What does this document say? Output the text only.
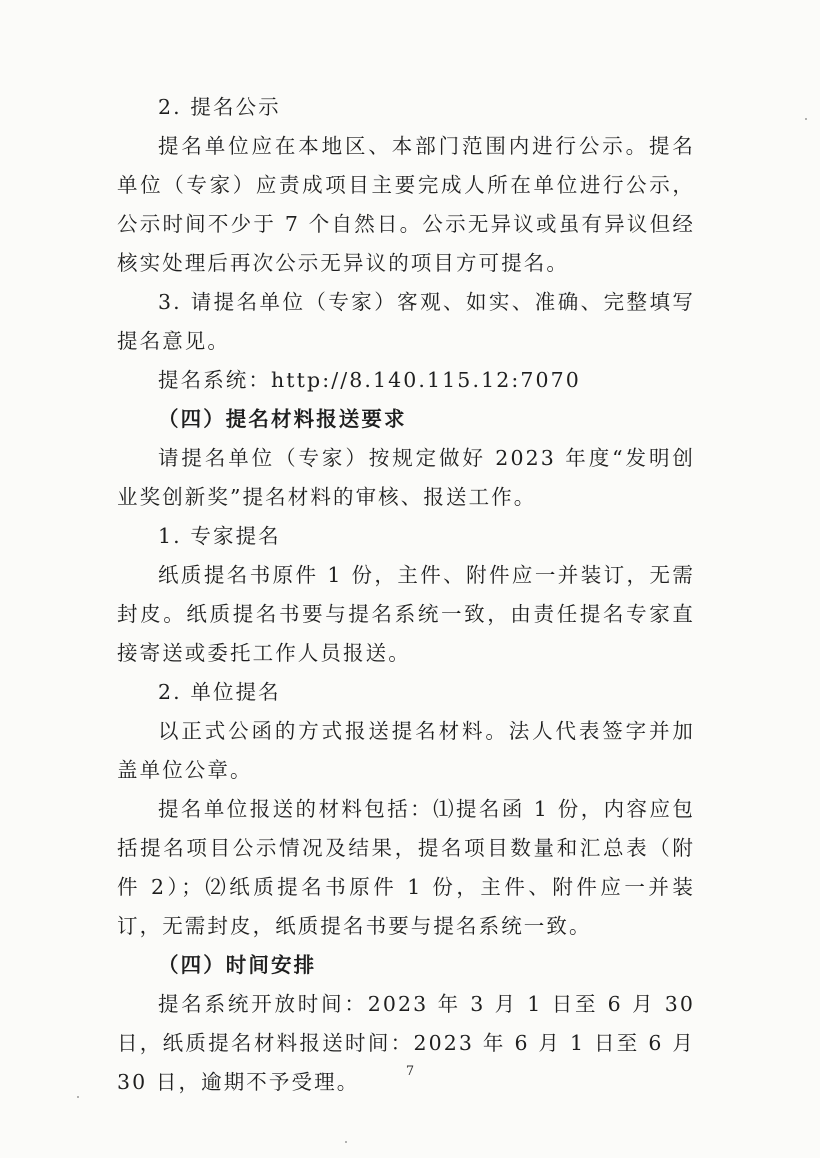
2. 提名公示

提名单位应在本地区、本部门范围内进行公示。提名单位（专家）应责成项目主要完成人所在单位进行公示，公示时间不少于 7 个自然日。公示无异议或虽有异议但经核实处理后再次公示无异议的项目方可提名。

3. 请提名单位（专家）客观、如实、准确、完整填写提名意见。

提名系统：http://8.140.115.12:7070

（四）提名材料报送要求

请提名单位（专家）按规定做好 2023 年度“发明创业奖创新奖”提名材料的审核、报送工作。

1. 专家提名

纸质提名书原件 1 份，主件、附件应一并装订，无需封皮。纸质提名书要与提名系统一致，由责任提名专家直接寄送或委托工作人员报送。

2. 单位提名

以正式公函的方式报送提名材料。法人代表签字并加盖单位公章。

提名单位报送的材料包括：⑴提名函 1 份，内容应包括提名项目公示情况及结果，提名项目数量和汇总表（附件 2）；⑵纸质提名书原件 1 份，主件、附件应一并装订，无需封皮，纸质提名书要与提名系统一致。

（四）时间安排

提名系统开放时间：2023 年 3 月 1 日至 6 月 30 日，纸质提名材料报送时间：2023 年 6 月 1 日至 6 月 30 日，逾期不予受理。	7
